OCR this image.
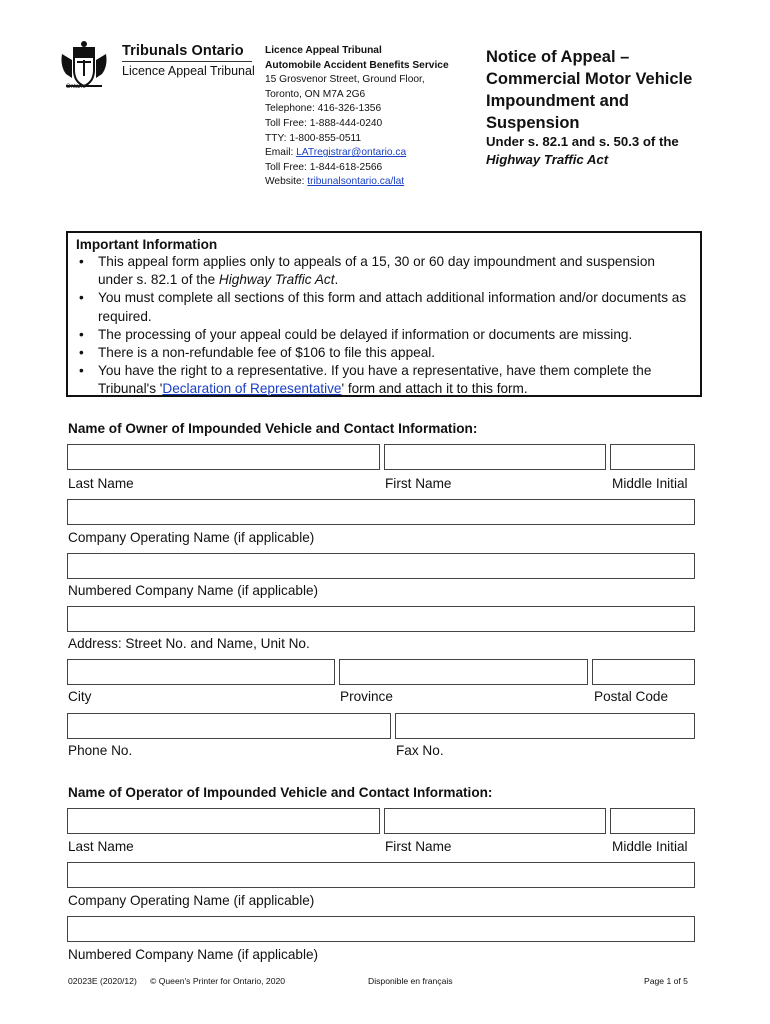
Ontario
Tribunals Ontario
Licence Appeal Tribunal
Licence Appeal Tribunal
Automobile Accident Benefits Service
15 Grosvenor Street, Ground Floor,
Toronto, ON M7A 2G6
Telephone: 416-326-1356
Toll Free: 1-888-444-0240
TTY: 1-800-855-0511
Email: LATregistrar@ontario.ca
Toll Free: 1-844-618-2566
Website: tribunalsontario.ca/lat
Notice of Appeal – Commercial Motor Vehicle Impoundment and Suspension
Under s. 82.1 and s. 50.3 of the
Highway Traffic Act
Important Information
• This appeal form applies only to appeals of a 15, 30 or 60 day impoundment and suspension under s. 82.1 of the Highway Traffic Act.
• You must complete all sections of this form and attach additional information and/or documents as required.
• The processing of your appeal could be delayed if information or documents are missing.
• There is a non-refundable fee of $106 to file this appeal.
• You have the right to a representative. If you have a representative, have them complete the Tribunal's 'Declaration of Representative' form and attach it to this form.
Name of Owner of Impounded Vehicle and Contact Information:
Last Name	First Name	Middle Initial
Company Operating Name (if applicable)
Numbered Company Name (if applicable)
Address: Street No. and Name, Unit No.
City	Province	Postal Code
Phone No.	Fax No.
Name of Operator of Impounded Vehicle and Contact Information:
Last Name	First Name	Middle Initial
Company Operating Name (if applicable)
Numbered Company Name (if applicable)
02023E (2020/12) © Queen's Printer for Ontario, 2020	Disponible en français	Page 1 of 5
